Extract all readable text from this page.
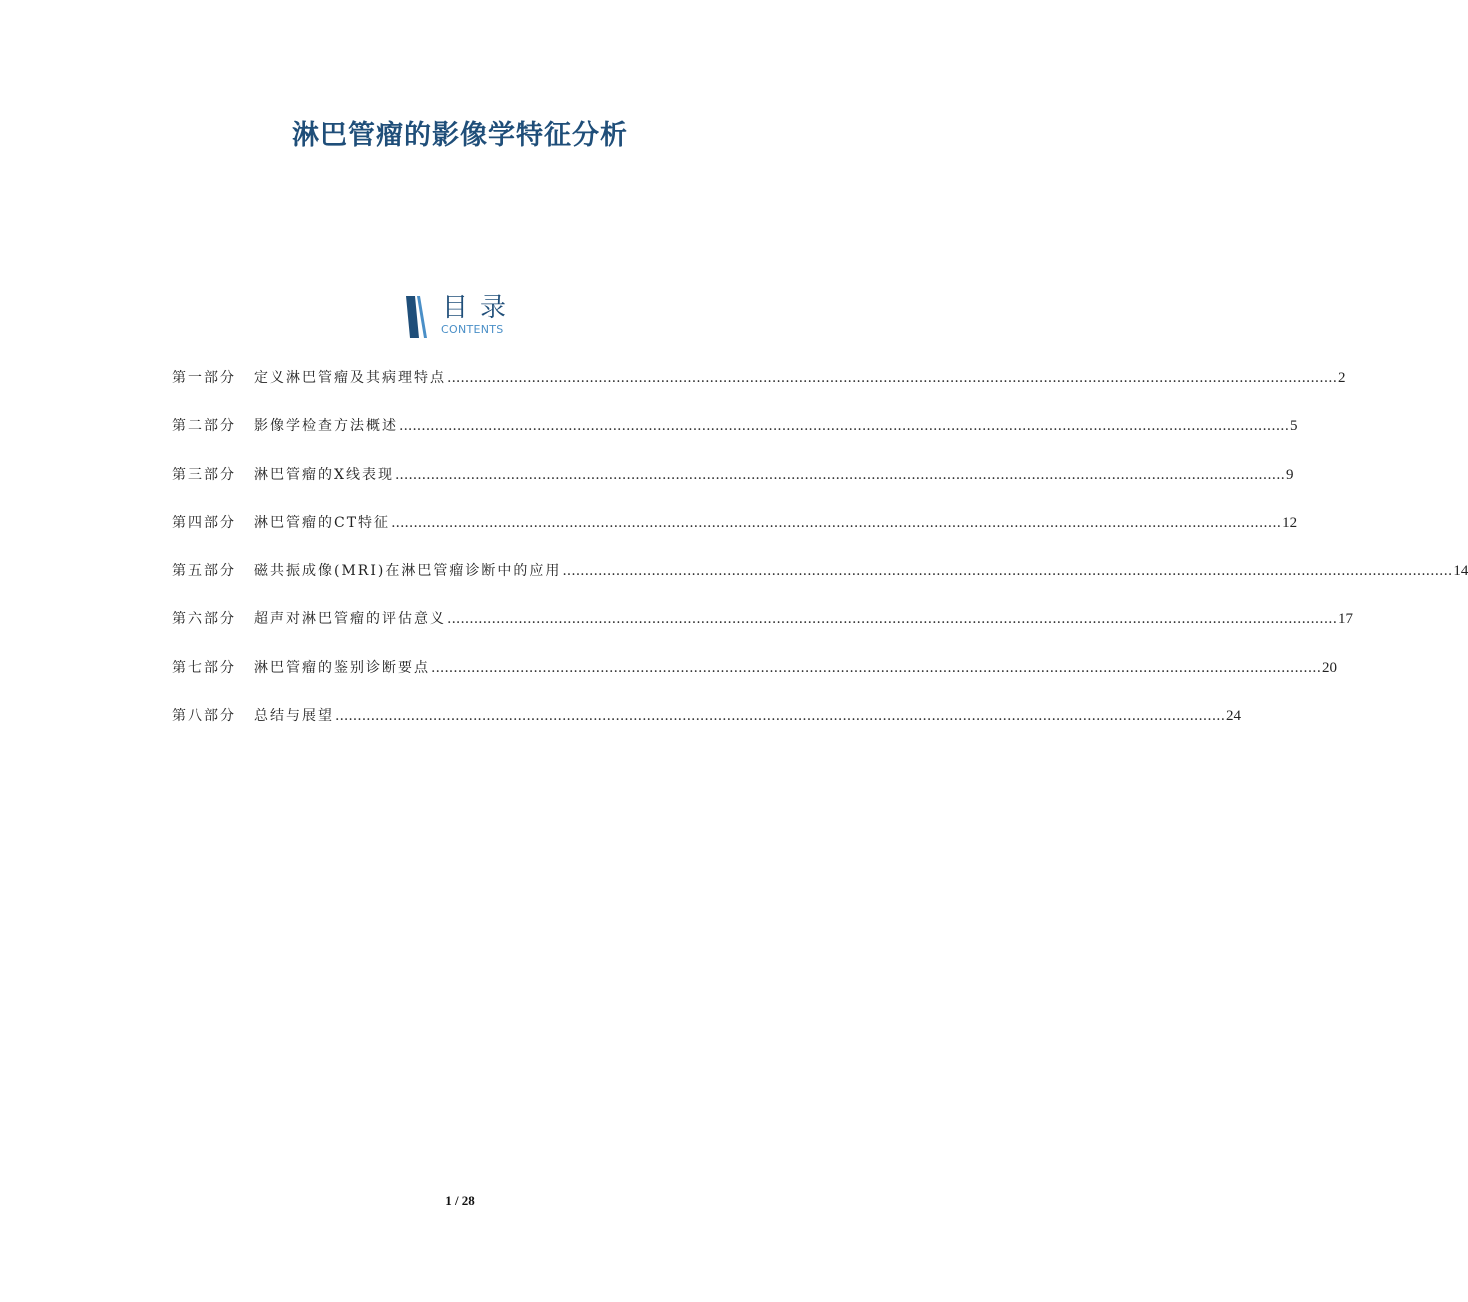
淋巴管瘤的影像学特征分析
目录
CONTENTS
第一部分	定义淋巴管瘤及其病理特点 ........................................................................................................................................................................................................ 2
第二部分	影像学检查方法概述 ........................................................................................................................................................................................................ 5
第三部分	淋巴管瘤的X线表现 ........................................................................................................................................................................................................ 9
第四部分	淋巴管瘤的CT特征 ........................................................................................................................................................................................................ 12
第五部分	磁共振成像(MRI)在淋巴管瘤诊断中的应用 ........................................................................................................................................................................................................ 14
第六部分	超声对淋巴管瘤的评估意义 ........................................................................................................................................................................................................ 17
第七部分	淋巴管瘤的鉴别诊断要点 ........................................................................................................................................................................................................ 20
第八部分	总结与展望 ........................................................................................................................................................................................................ 24
1 / 28
